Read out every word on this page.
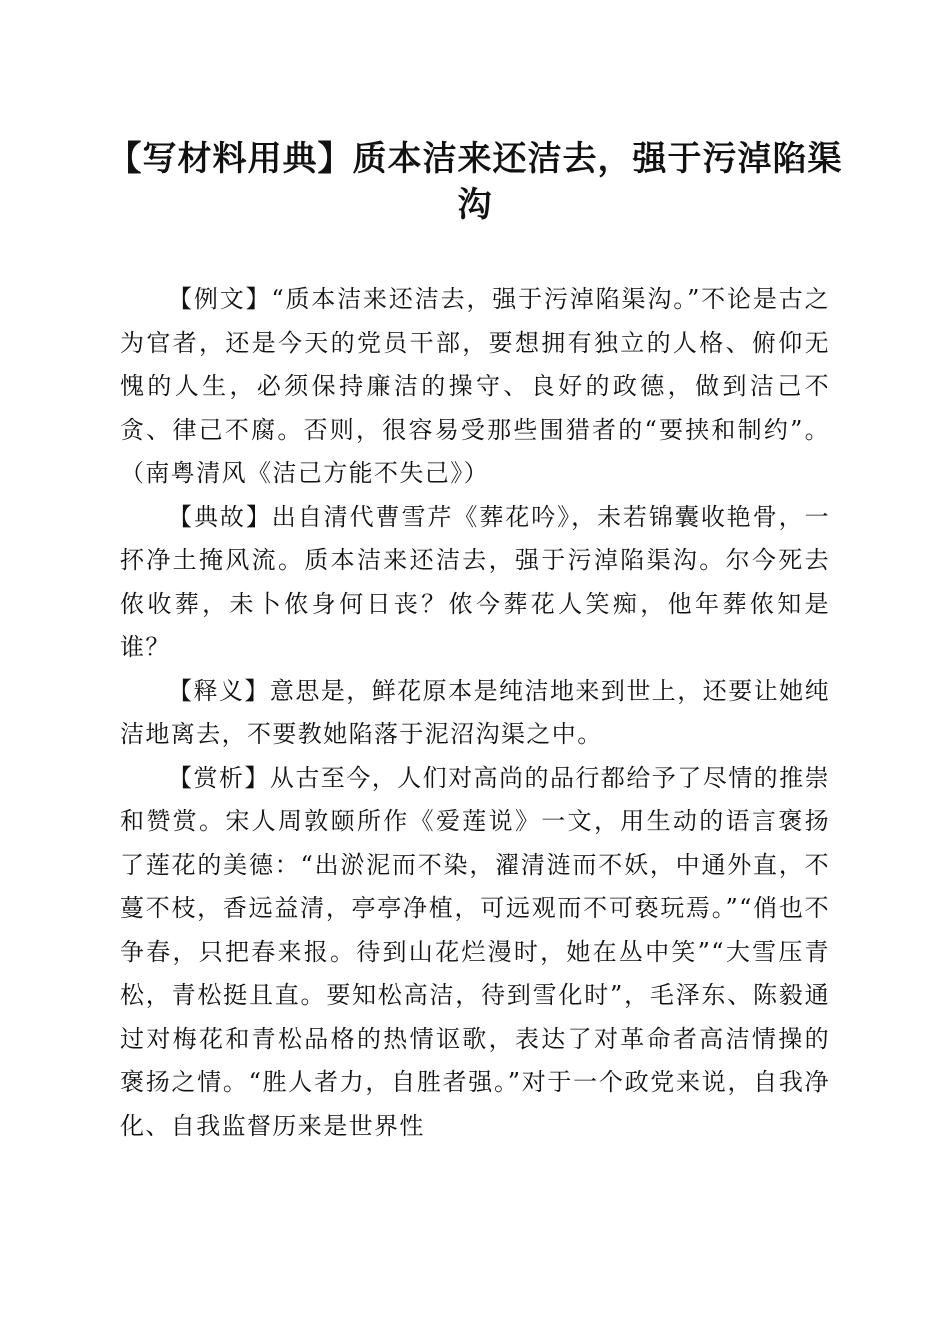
【写材料用典】质本洁来还洁去，强于污淖陷渠沟

【例文】“质本洁来还洁去，强于污淖陷渠沟。”不论是古之为官者，还是今天的党员干部，要想拥有独立的人格、俯仰无愧的人生，必须保持廉洁的操守、良好的政德，做到洁己不贪、律己不腐。否则，很容易受那些围猎者的“要挟和制约”。（南粤清风《洁己方能不失己》）

【典故】出自清代曹雪芹《葬花吟》，未若锦囊收艳骨，一抔净土掩风流。质本洁来还洁去，强于污淖陷渠沟。尔今死去侬收葬，未卜侬身何日丧？侬今葬花人笑痴，他年葬侬知是谁？

【释义】意思是，鲜花原本是纯洁地来到世上，还要让她纯洁地离去，不要教她陷落于泥沼沟渠之中。

【赏析】从古至今，人们对高尚的品行都给予了尽情的推崇和赞赏。宋人周敦颐所作《爱莲说》一文，用生动的语言褒扬了莲花的美德：“出淤泥而不染，濯清涟而不妖，中通外直，不蔓不枝，香远益清，亭亭净植，可远观而不可亵玩焉。”“俏也不争春，只把春来报。待到山花烂漫时，她在丛中笑”“大雪压青松，青松挺且直。要知松高洁，待到雪化时”，毛泽东、陈毅通过对梅花和青松品格的热情讴歌，表达了对革命者高洁情操的褒扬之情。“胜人者力，自胜者强。”对于一个政党来说，自我净化、自我监督历来是世界性
